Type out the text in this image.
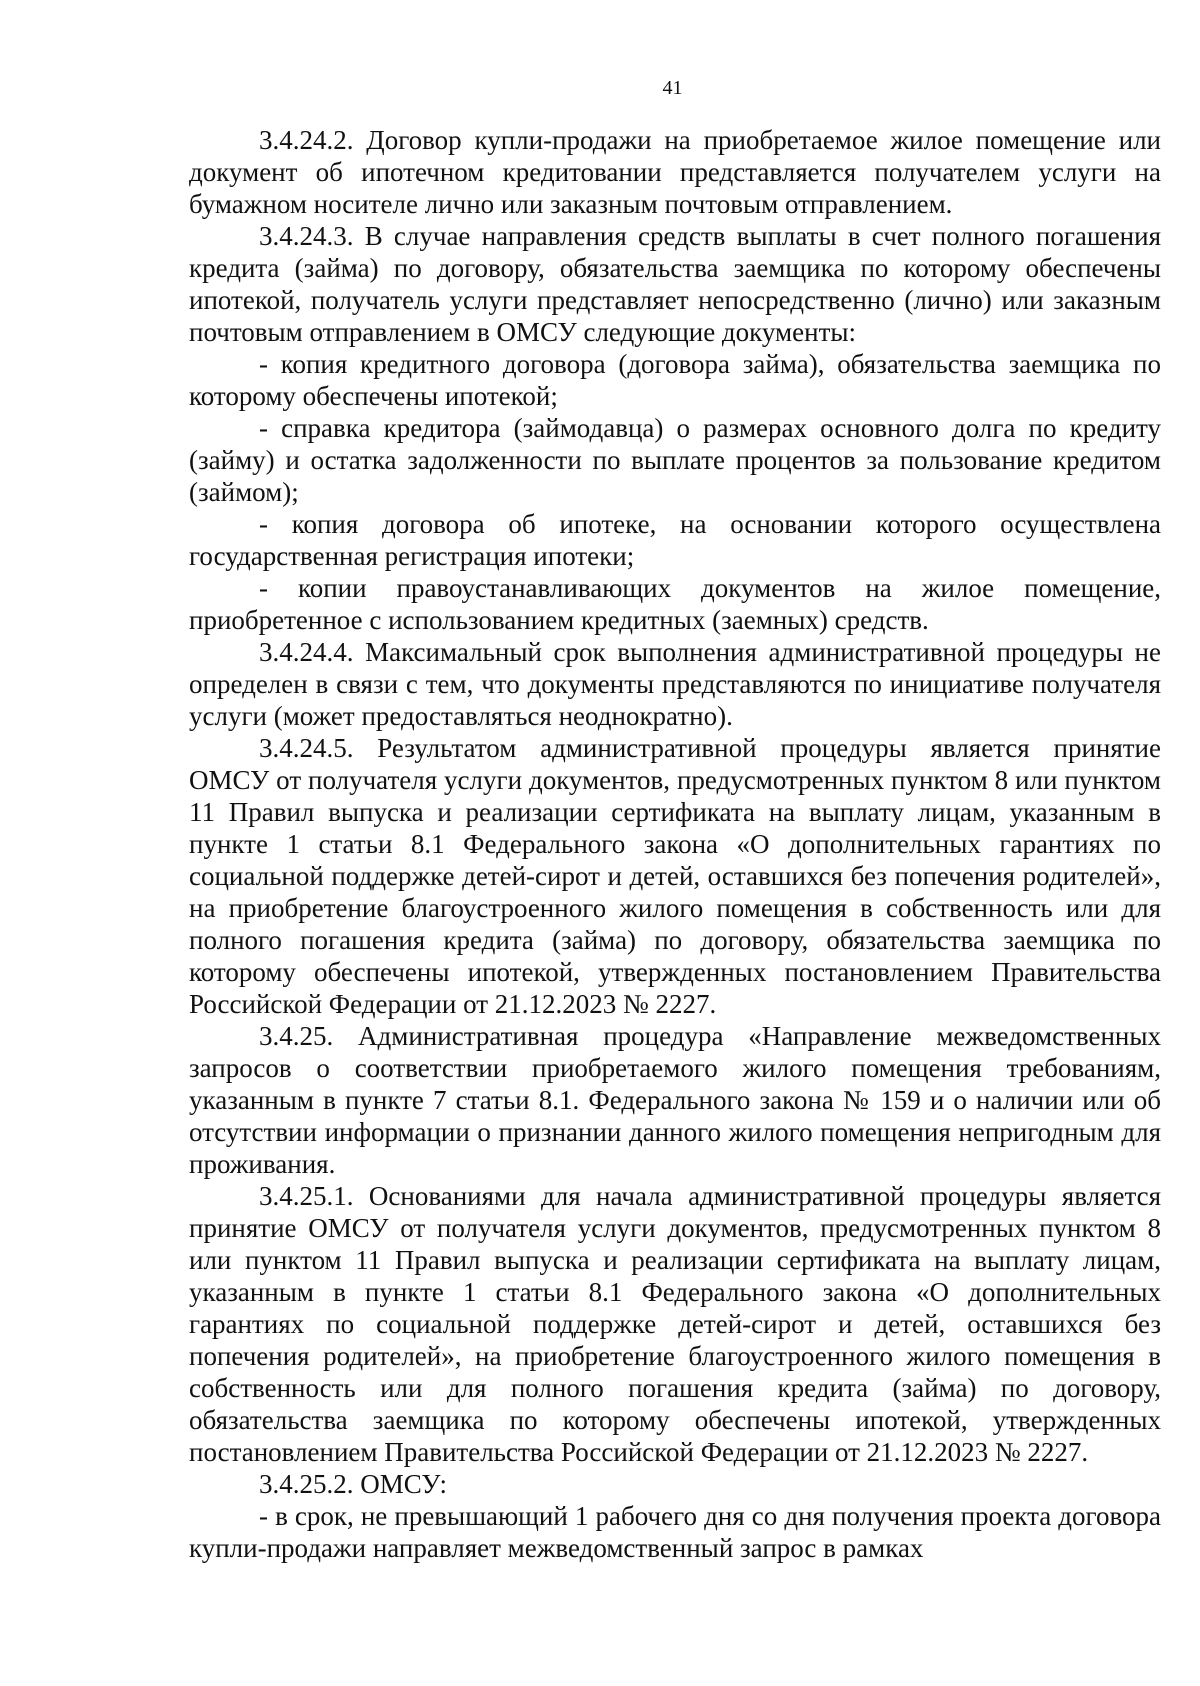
41

3.4.24.2. Договор купли-продажи на приобретаемое жилое помещение или документ об ипотечном кредитовании представляется получателем услуги на бумажном носителе лично или заказным почтовым отправлением.

3.4.24.3. В случае направления средств выплаты в счет полного погашения кредита (займа) по договору, обязательства заемщика по которому обеспечены ипотекой, получатель услуги представляет непосредственно (лично) или заказным почтовым отправлением в ОМСУ следующие документы:

- копия кредитного договора (договора займа), обязательства заемщика по которому обеспечены ипотекой;

- справка кредитора (займодавца) о размерах основного долга по кредиту (займу) и остатка задолженности по выплате процентов за пользование кредитом (займом);

- копия договора об ипотеке, на основании которого осуществлена государственная регистрация ипотеки;

- копии правоустанавливающих документов на жилое помещение, приобретенное с использованием кредитных (заемных) средств.

3.4.24.4. Максимальный срок выполнения административной процедуры не определен в связи с тем, что документы представляются по инициативе получателя услуги (может предоставляться неоднократно).

3.4.24.5. Результатом административной процедуры является принятие ОМСУ от получателя услуги документов, предусмотренных пунктом 8 или пунктом 11 Правил выпуска и реализации сертификата на выплату лицам, указанным в пункте 1 статьи 8.1 Федерального закона «О дополнительных гарантиях по социальной поддержке детей-сирот и детей, оставшихся без попечения родителей», на приобретение благоустроенного жилого помещения в собственность или для полного погашения кредита (займа) по договору, обязательства заемщика по которому обеспечены ипотекой, утвержденных постановлением Правительства Российской Федерации от 21.12.2023 № 2227.

3.4.25. Административная процедура «Направление межведомственных запросов о соответствии приобретаемого жилого помещения требованиям, указанным в пункте 7 статьи 8.1. Федерального закона № 159 и о наличии или об отсутствии информации о признании данного жилого помещения непригодным для проживания.

3.4.25.1. Основаниями для начала административной процедуры является принятие ОМСУ от получателя услуги документов, предусмотренных пунктом 8 или пунктом 11 Правил выпуска и реализации сертификата на выплату лицам, указанным в пункте 1 статьи 8.1 Федерального закона «О дополнительных гарантиях по социальной поддержке детей-сирот и детей, оставшихся без попечения родителей», на приобретение благоустроенного жилого помещения в собственность или для полного погашения кредита (займа) по договору, обязательства заемщика по которому обеспечены ипотекой, утвержденных постановлением Правительства Российской Федерации от 21.12.2023 № 2227.

3.4.25.2. ОМСУ:

- в срок, не превышающий 1 рабочего дня со дня получения проекта договора купли-продажи направляет межведомственный запрос в рамках
